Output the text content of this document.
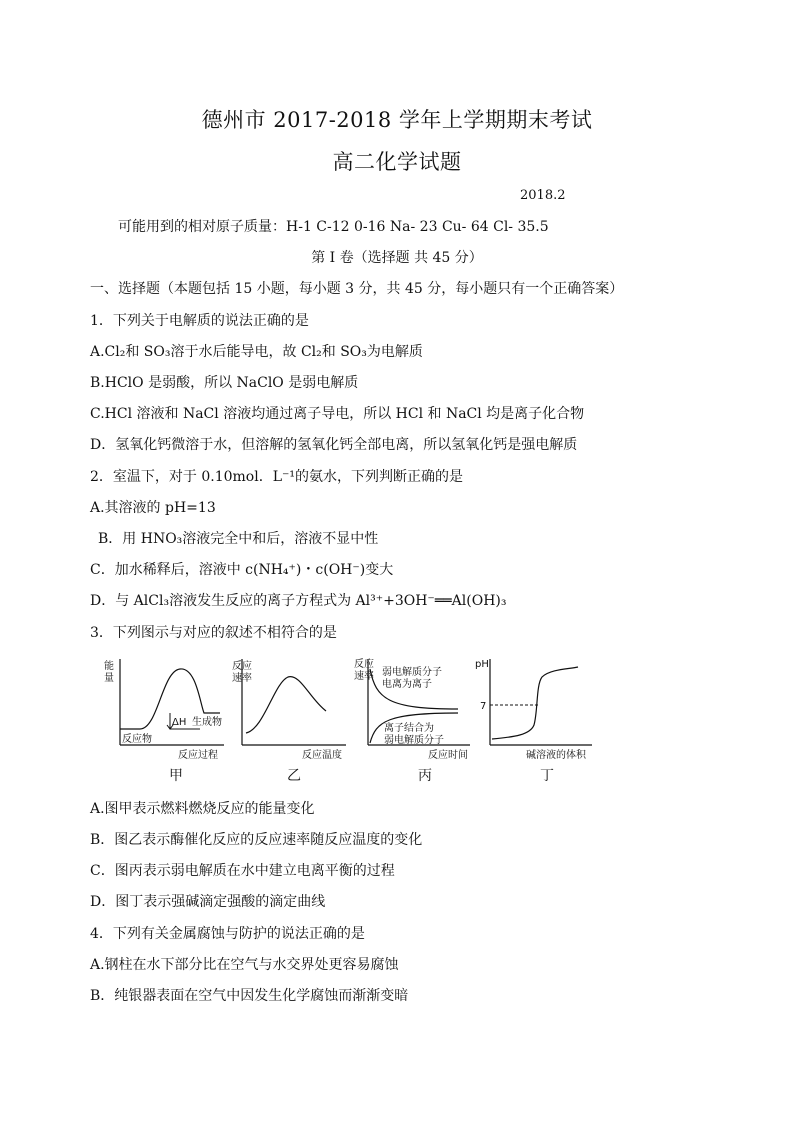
德州市 2017-2018 学年上学期期末考试
高二化学试题
2018.2
可能用到的相对原子质量：H-1 C-12 0-16 Na- 23 Cu- 64 Cl- 35.5
第 I 卷（选择题 共 45 分）
一、选择题（本题包括 15 小题，每小题 3 分，共 45 分，每小题只有一个正确答案）
1．下列关于电解质的说法正确的是
A.Cl₂和 SO₃溶于水后能导电，故 Cl₂和 SO₃为电解质
B.HClO 是弱酸，所以 NaClO 是弱电解质
C.HCl 溶液和 NaCl 溶液均通过离子导电，所以 HCl 和 NaCl 均是离子化合物
D．氢氧化钙微溶于水，但溶解的氢氧化钙全部电离，所以氢氧化钙是强电解质
2．室温下，对于 0.10mol．L⁻¹的氨水，下列判断正确的是
A.其溶液的 pH=13
B．用 HNO₃溶液完全中和后，溶液不显中性
C．加水稀释后，溶液中 c(NH₄⁺)・c(OH⁻)变大
D．与 AlCl₃溶液发生反应的离子方程式为 Al³⁺+3OH⁻══Al(OH)₃
3．下列图示与对应的叙述不相符合的是
能
量
ΔH 生成物
反应物
反应过程
甲
反应
速率
反应温度
乙
反应
速率 弱电解质分子
电离为离子
离子结合为
弱电解质分子
反应时间
丙
pH
7
碱溶液的体积
丁
A.图甲表示燃料燃烧反应的能量变化
B．图乙表示酶催化反应的反应速率随反应温度的变化
C．图丙表示弱电解质在水中建立电离平衡的过程
D．图丁表示强碱滴定强酸的滴定曲线
4．下列有关金属腐蚀与防护的说法正确的是
A.钢柱在水下部分比在空气与水交界处更容易腐蚀
B．纯银器表面在空气中因发生化学腐蚀而渐渐变暗
